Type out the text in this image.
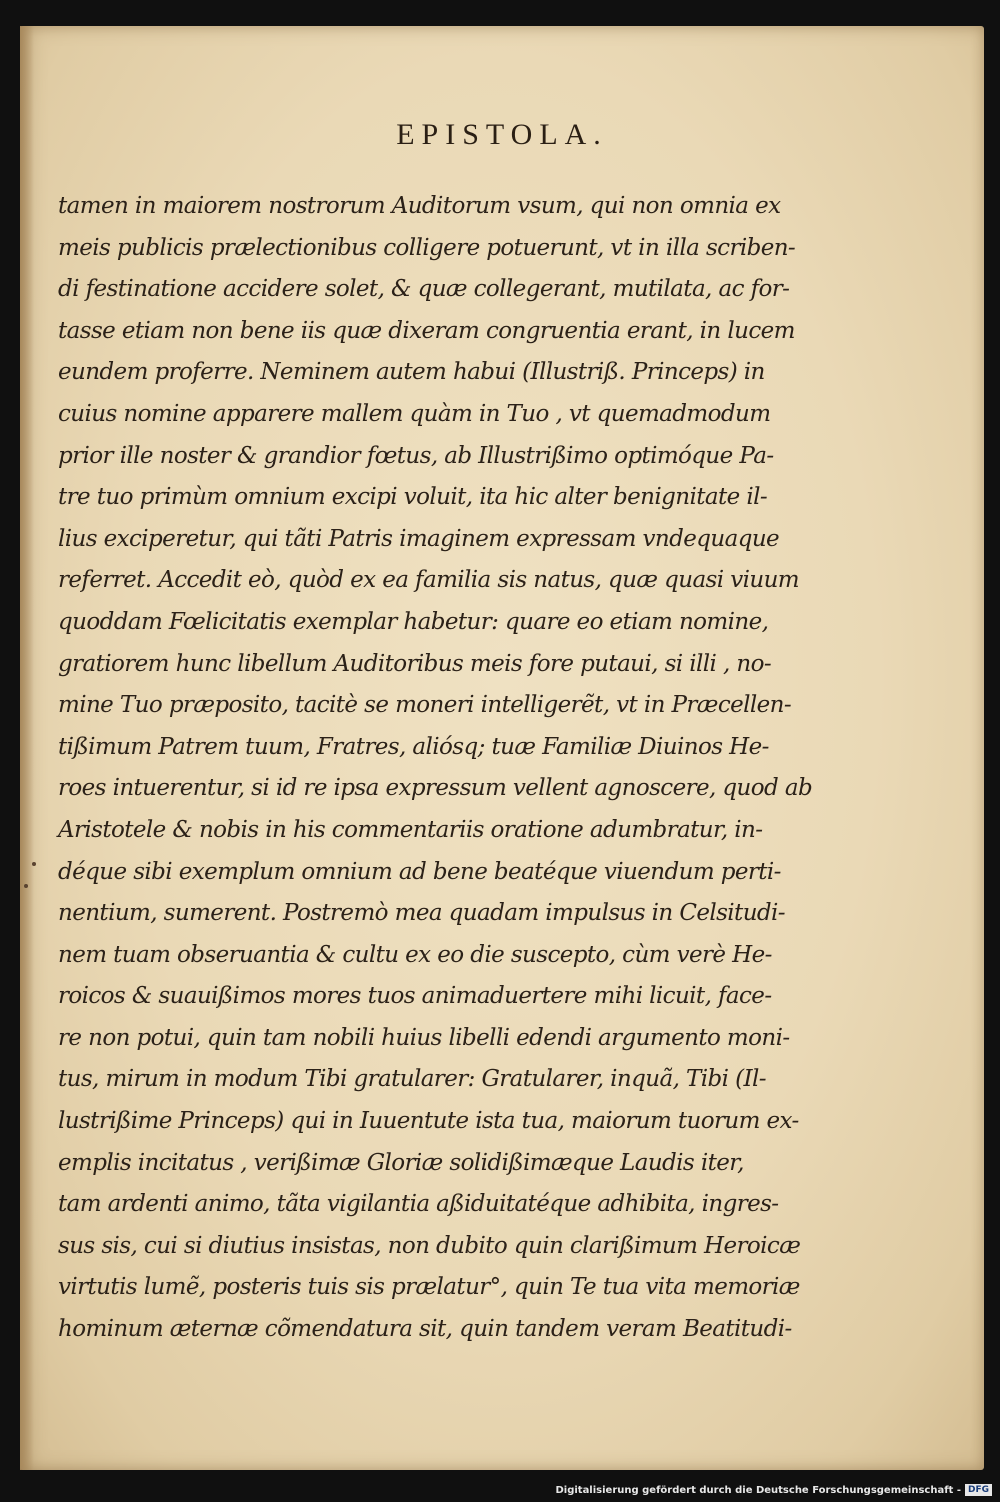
EPISTOLA.
tamen in maiorem nostrorum Auditorum vsum, qui non omnia ex
meis publicis prælectionibus colligere potuerunt, vt in illa scriben-
di festinatione accidere solet, & quæ collegerant, mutilata, ac for-
tasse etiam non bene iis quæ dixeram congruentia erant, in lucem
eundem proferre. Neminem autem habui (Illustriß. Princeps) in
cuius nomine apparere mallem quàm in Tuo , vt quemadmodum
prior ille noster & grandior fœtus, ab Illustrißimo optimóque Pa-
tre tuo primùm omnium excipi voluit, ita hic alter benignitate il-
lius exciperetur, qui tãti Patris imaginem expressam vndequaque
referret. Accedit eò, quòd ex ea familia sis natus, quæ quasi viuum
quoddam Fœlicitatis exemplar habetur: quare eo etiam nomine,
gratiorem hunc libellum Auditoribus meis fore putaui, si illi , no-
mine Tuo præposito, tacitè se moneri intelligerẽt, vt in Præcellen-
tißimum Patrem tuum, Fratres, aliósq; tuæ Familiæ Diuinos He-
roes intuerentur, si id re ipsa expressum vellent agnoscere, quod ab
Aristotele & nobis in his commentariis oratione adumbratur, in-
déque sibi exemplum omnium ad bene beatéque viuendum perti-
nentium, sumerent. Postremò mea quadam impulsus in Celsitudi-
nem tuam obseruantia & cultu ex eo die suscepto, cùm verè He-
roicos & suauißimos mores tuos animaduertere mihi licuit, face-
re non potui, quin tam nobili huius libelli edendi argumento moni-
tus, mirum in modum Tibi gratularer: Gratularer, inquã, Tibi (Il-
lustrißime Princeps) qui in Iuuentute ista tua, maiorum tuorum ex-
emplis incitatus , verißimæ Gloriæ solidißimæque Laudis iter,
tam ardenti animo, tãta vigilantia aßiduitatéque adhibita, ingres-
sus sis, cui si diutius insistas, non dubito quin clarißimum Heroicæ
virtutis lumẽ, posteris tuis sis prælatur°, quin Te tua vita memoriæ
hominum æternæ cõmendatura sit, quin tandem veram Beatitudi-
Digitalisierung gefördert durch die Deutsche Forschungsgemeinschaft - DFG
